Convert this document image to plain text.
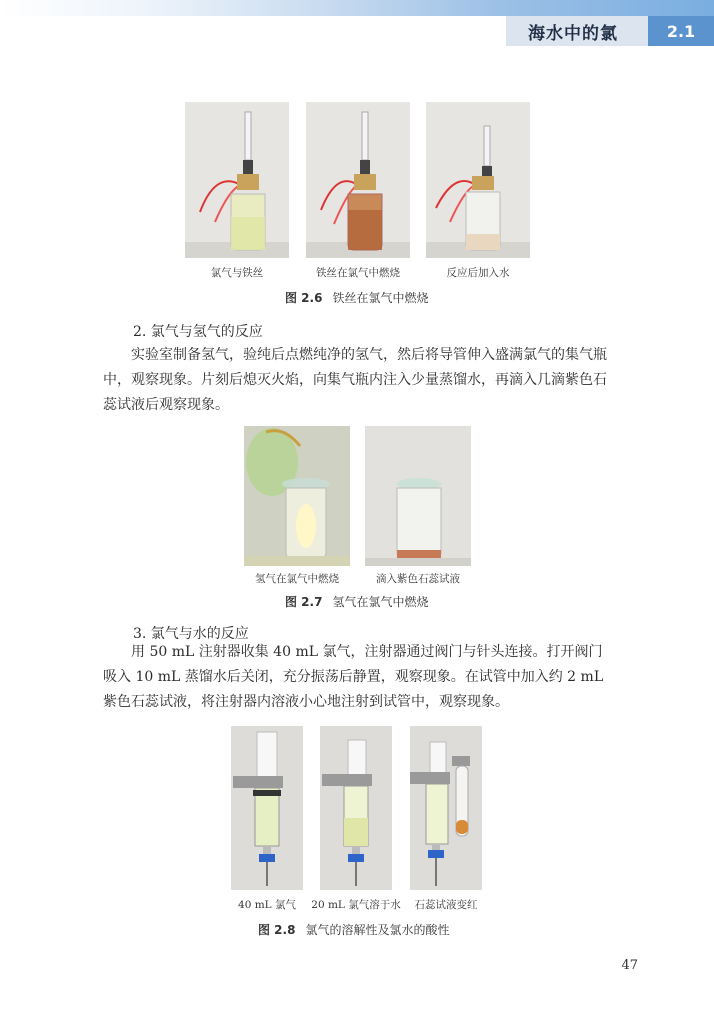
海水中的氯	2.1
氯气与铁丝	铁丝在氯气中燃烧	反应后加入水
图 2.6 铁丝在氯气中燃烧
2. 氯气与氢气的反应
实验室制备氢气，验纯后点燃纯净的氢气，然后将导管伸入盛满氯气的集气瓶中，观察现象。片刻后熄灭火焰，向集气瓶内注入少量蒸馏水，再滴入几滴紫色石蕊试液后观察现象。
氢气在氯气中燃烧	滴入紫色石蕊试液
图 2.7 氢气在氯气中燃烧
3. 氯气与水的反应
用 50 mL 注射器收集 40 mL 氯气，注射器通过阀门与针头连接。打开阀门吸入 10 mL 蒸馏水后关闭，充分振荡后静置，观察现象。在试管中加入约 2 mL 紫色石蕊试液，将注射器内溶液小心地注射到试管中，观察现象。
40 mL 氯气	20 mL 氯气溶于水	石蕊试液变红
图 2.8 氯气的溶解性及氯水的酸性
47
